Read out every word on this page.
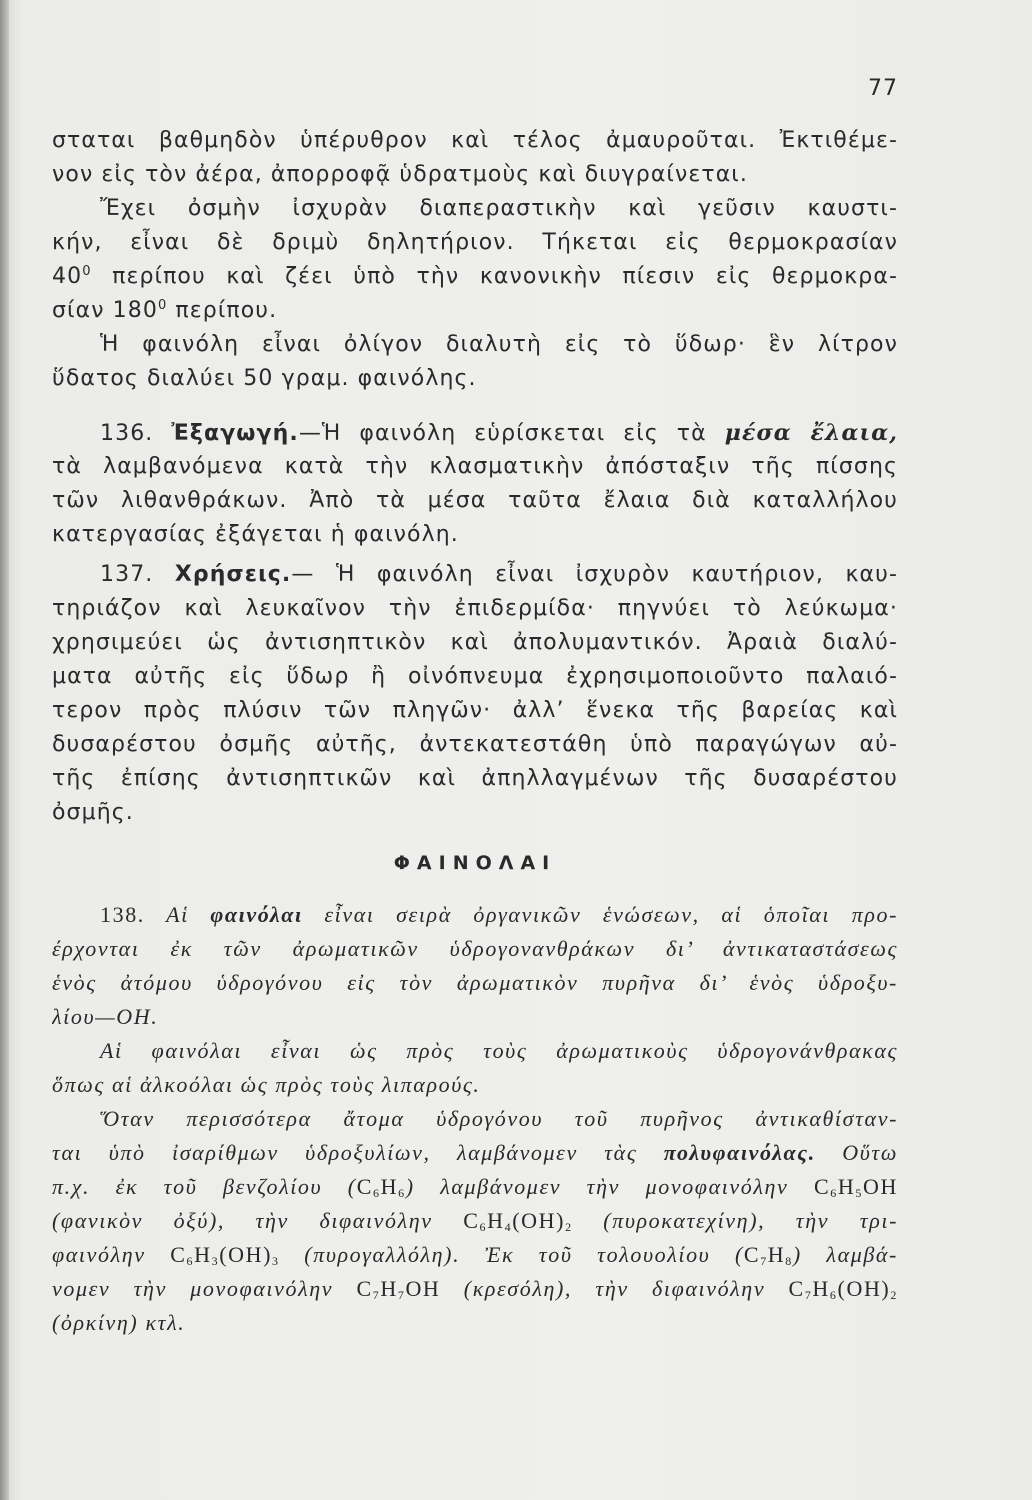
77
σταται βαθμηδὸν ὑπέρυθρον καὶ τέλος ἀμαυροῦται. Ἐκτιθέμε-
νον εἰς τὸν ἀέρα, ἀπορροφᾷ ὑδρατμοὺς καὶ διυγραίνεται.
Ἔχει ὀσμὴν ἰσχυρὰν διαπεραστικὴν καὶ γεῦσιν καυστι-
κήν, εἶναι δὲ δριμὺ δηλητήριον. Τήκεται εἰς θερμοκρασίαν
$40^0$ περίπου καὶ ζέει ὑπὸ τὴν κανονικὴν πίεσιν εἰς θερμοκρα-
σίαν $180^0$ περίπου.
Ἡ φαινόλη εἶναι ὀλίγον διαλυτὴ εἰς τὸ ὕδωρ· ἓν λίτρον
ὕδατος διαλύει 50 γραμ. φαινόλης.
136. Ἐξαγωγή.—Ἡ φαινόλη εὑρίσκεται εἰς τὰ μέσα ἔλαια,
τὰ λαμβανόμενα κατὰ τὴν κλασματικὴν ἀπόσταξιν τῆς πίσσης
τῶν λιθανθράκων. Ἀπὸ τὰ μέσα ταῦτα ἔλαια διὰ καταλλήλου
κατεργασίας ἐξάγεται ἡ φαινόλη.
137. Χρήσεις.— Ἡ φαινόλη εἶναι ἰσχυρὸν καυτήριον, καυ-
τηριάζον καὶ λευκαῖνον τὴν ἐπιδερμίδα· πηγνύει τὸ λεύκωμα·
χρησιμεύει ὡς ἀντισηπτικὸν καὶ ἀπολυμαντικόν. Ἀραιὰ διαλύ-
ματα αὐτῆς εἰς ὕδωρ ἢ οἰνόπνευμα ἐχρησιμοποιοῦντο παλαιό-
τερον πρὸς πλύσιν τῶν πληγῶν· ἀλλ’ ἕνεκα τῆς βαρείας καὶ
δυσαρέστου ὀσμῆς αὐτῆς, ἀντεκατεστάθη ὑπὸ παραγώγων αὐ-
τῆς ἐπίσης ἀντισηπτικῶν καὶ ἀπηλλαγμένων τῆς δυσαρέστου
ὀσμῆς.
ΦΑΙΝΟΛΑΙ
138. Αἱ φαινόλαι εἶναι σειρὰ ὀργανικῶν ἑνώσεων, αἱ ὁποῖαι προ-
έρχονται ἐκ τῶν ἀρωματικῶν ὑδρογονανθράκων δι’ ἀντικαταστάσεως
ἑνὸς ἀτόμου ὑδρογόνου εἰς τὸν ἀρωματικὸν πυρῆνα δι’ ἑνὸς ὑδροξυ-
λίου—OH.
Αἱ φαινόλαι εἶναι ὡς πρὸς τοὺς ἀρωματικοὺς ὑδρογονάνθρακας
ὅπως αἱ ἀλκοόλαι ὡς πρὸς τοὺς λιπαρούς.
Ὅταν περισσότερα ἄτομα ὑδρογόνου τοῦ πυρῆνος ἀντικαθίσταν-
ται ὑπὸ ἰσαρίθμων ὑδροξυλίων, λαμβάνομεν τὰς πολυφαινόλας. Οὕτω
π.χ. ἐκ τοῦ βενζολίου $(C_6H_6)$ λαμβάνομεν τὴν μονοφαινόλην $C_6H_5OH$
(φανικὸν ὀξύ), τὴν διφαινόλην $C_6H_4(OH)_2$ (πυροκατεχίνη), τὴν τρι-
φαινόλην $C_6H_3(OH)_3$ (πυρογαλλόλη). Ἐκ τοῦ τολουολίου $(C_7H_8)$ λαμβά-
νομεν τὴν μονοφαινόλην $C_7H_7OH$ (κρεσόλη), τὴν διφαινόλην $C_7H_6(OH)_2$
(ὀρκίνη) κτλ.
